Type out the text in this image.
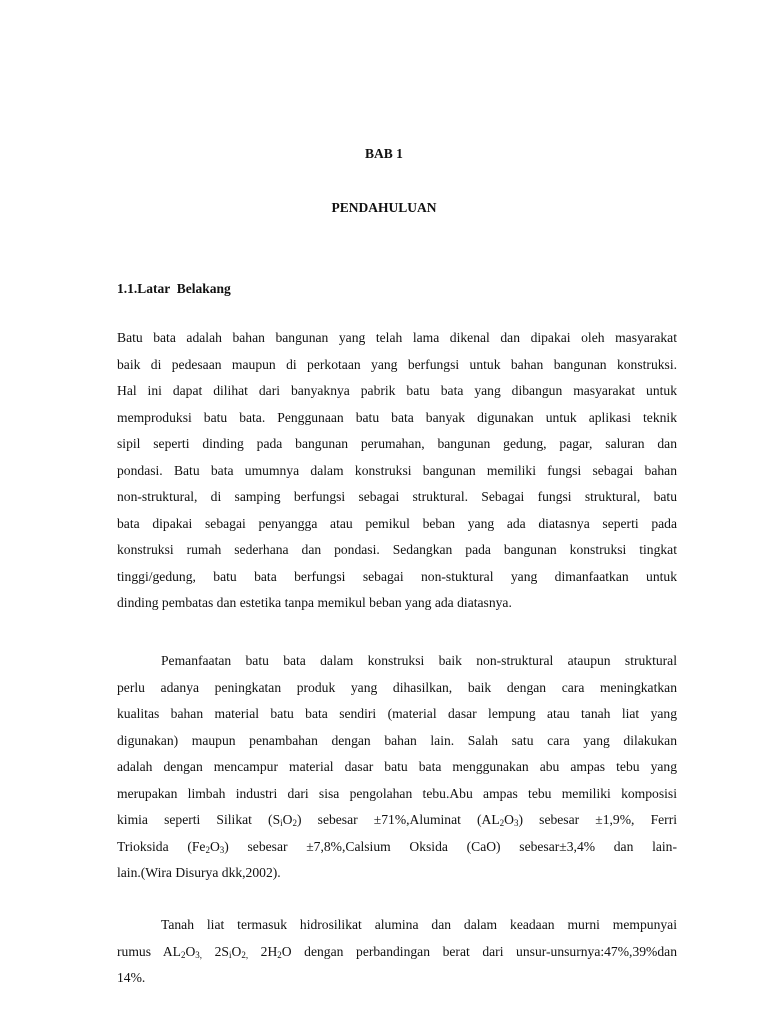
BAB 1
PENDAHULUAN
1.1.Latar  Belakang

Batu bata adalah bahan bangunan yang telah lama dikenal dan dipakai oleh masyarakat
baik di pedesaan maupun di perkotaan yang berfungsi untuk bahan bangunan konstruksi.
Hal ini dapat dilihat dari banyaknya pabrik batu bata yang dibangun masyarakat untuk
memproduksi batu bata. Penggunaan batu bata banyak digunakan untuk aplikasi teknik
sipil seperti dinding pada bangunan perumahan, bangunan gedung, pagar, saluran dan
pondasi. Batu bata umumnya dalam konstruksi bangunan memiliki fungsi sebagai bahan
non-struktural, di samping berfungsi sebagai struktural. Sebagai fungsi struktural, batu
bata dipakai sebagai penyangga atau pemikul beban yang ada diatasnya seperti pada
konstruksi rumah sederhana dan pondasi. Sedangkan pada bangunan konstruksi tingkat
tinggi/gedung, batu bata berfungsi sebagai non-stuktural yang dimanfaatkan untuk
dinding pembatas dan estetika tanpa memikul beban yang ada diatasnya.

Pemanfaatan batu bata dalam konstruksi baik non-struktural ataupun struktural
perlu adanya peningkatan produk yang dihasilkan, baik dengan cara meningkatkan
kualitas bahan material batu bata sendiri (material dasar lempung atau tanah liat yang
digunakan) maupun penambahan dengan bahan lain. Salah satu cara yang dilakukan
adalah dengan mencampur material dasar batu bata menggunakan abu ampas tebu yang
merupakan limbah industri dari sisa pengolahan tebu.Abu ampas tebu memiliki komposisi
kimia seperti Silikat $(S_iO_2)$ sebesar ±71%,Aluminat $(AL_2O_3)$ sebesar ±1,9%, Ferri
Trioksida $(Fe_2O_3)$ sebesar ±7,8%,Calsium Oksida (CaO) sebesar±3,4% dan lain-
lain.(Wira Disurya dkk,2002).

Tanah liat termasuk hidrosilikat alumina dan dalam keadaan murni mempunyai
rumus $AL_2O_{3,}$ $2S_iO_{2,}$ $2H_2O$ dengan perbandingan berat dari unsur-unsurnya:47%,39%dan
14%.
